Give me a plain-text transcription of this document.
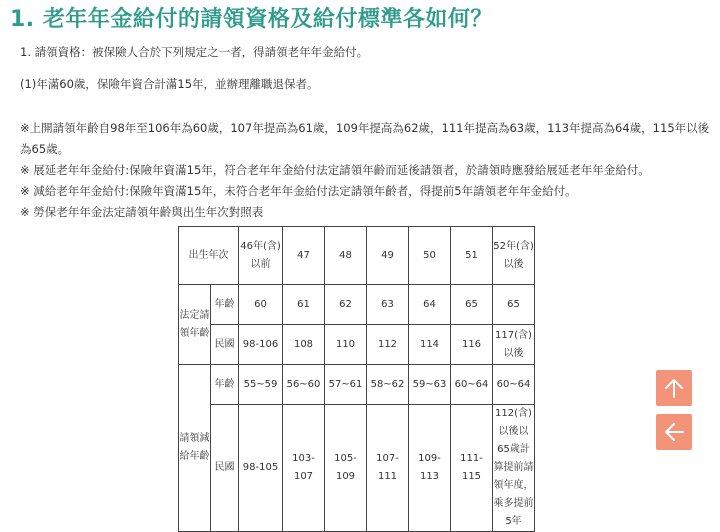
1. 老年年金給付的請領資格及給付標準各如何？

1. 請領資格：被保險人合於下列規定之一者，得請領老年年金給付。

(1)年滿60歲，保險年資合計滿15年，並辦理離職退保者。

※上開請領年齡自98年至106年為60歲，107年提高為61歲，109年提高為62歲，111年提高為63歲，113年提高為64歲，115年以後為65歲。
※ 展延老年年金給付:保險年資滿15年，符合老年年金給付法定請領年齡而延後請領者，於請領時應發給展延老年年金給付。
※ 減給老年年金給付:保險年資滿15年，未符合老年年金給付法定請領年齡者，得提前5年請領老年年金給付。
※ 勞保老年年金法定請領年齡與出生年次對照表
出生年次		46年(含)以前	47	48	49	50	51	52年(含)以後
法定請領年齡	年齡	60	61	62	63	64	65	65
	民國	98-106	108	110	112	114	116	117(含) 以後
請領減給年齡	年齡	55~59	56~60	57~61	58~62	59~63	60~64	60~64
	民國	98-105	103-107	105-109	107-111	109-113	111-115	112(含)以後以65歲計算提前請領年度，乘多提前5年
